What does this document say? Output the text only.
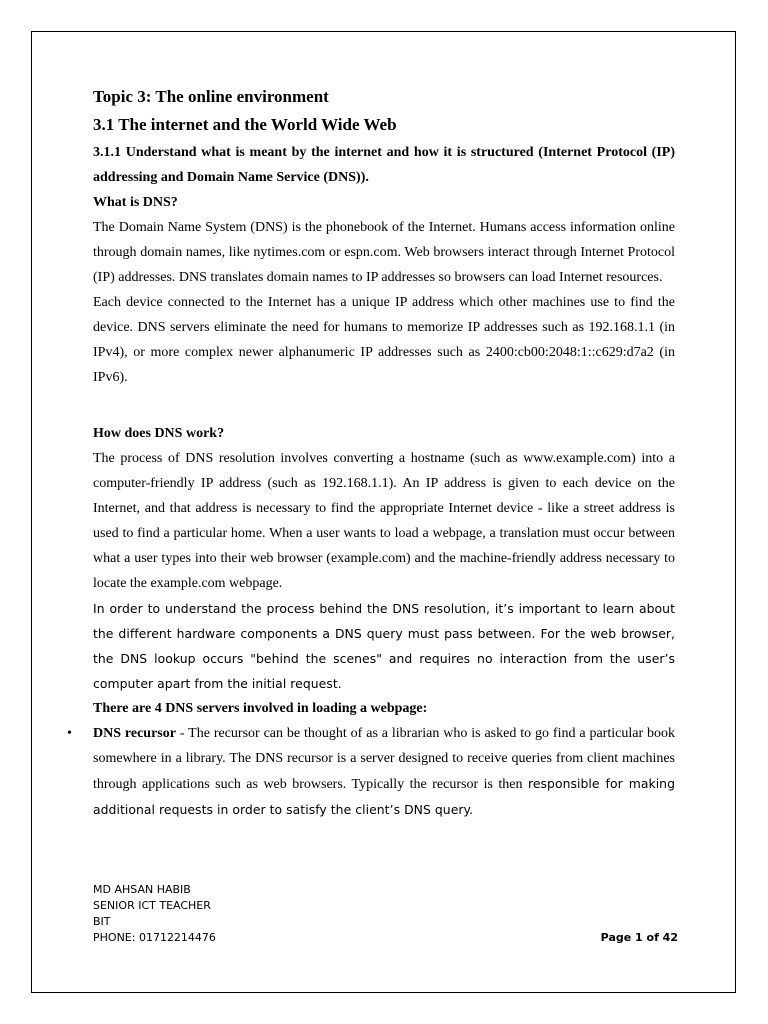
Topic 3: The online environment
3.1 The internet and the World Wide Web
3.1.1 Understand what is meant by the internet and how it is structured (Internet Protocol (IP) addressing and Domain Name Service (DNS)).
What is DNS?

The Domain Name System (DNS) is the phonebook of the Internet. Humans access information online through domain names, like nytimes.com or espn.com. Web browsers interact through Internet Protocol (IP) addresses. DNS translates domain names to IP addresses so browsers can load Internet resources.

Each device connected to the Internet has a unique IP address which other machines use to find the device. DNS servers eliminate the need for humans to memorize IP addresses such as 192.168.1.1 (in IPv4), or more complex newer alphanumeric IP addresses such as 2400:cb00:2048:1::c629:d7a2 (in IPv6).

How does DNS work?

The process of DNS resolution involves converting a hostname (such as www.example.com) into a computer-friendly IP address (such as 192.168.1.1). An IP address is given to each device on the Internet, and that address is necessary to find the appropriate Internet device - like a street address is used to find a particular home. When a user wants to load a webpage, a translation must occur between what a user types into their web browser (example.com) and the machine-friendly address necessary to locate the example.com webpage.

In order to understand the process behind the DNS resolution, it’s important to learn about the different hardware components a DNS query must pass between. For the web browser, the DNS lookup occurs "behind the scenes" and requires no interaction from the user’s computer apart from the initial request.

There are 4 DNS servers involved in loading a webpage:
• DNS recursor - The recursor can be thought of as a librarian who is asked to go find a particular book somewhere in a library. The DNS recursor is a server designed to receive queries from client machines through applications such as web browsers. Typically the recursor is then responsible for making additional requests in order to satisfy the client’s DNS query.
MD AHSAN HABIB
SENIOR ICT TEACHER
BIT
PHONE: 01712214476	Page 1 of 42
